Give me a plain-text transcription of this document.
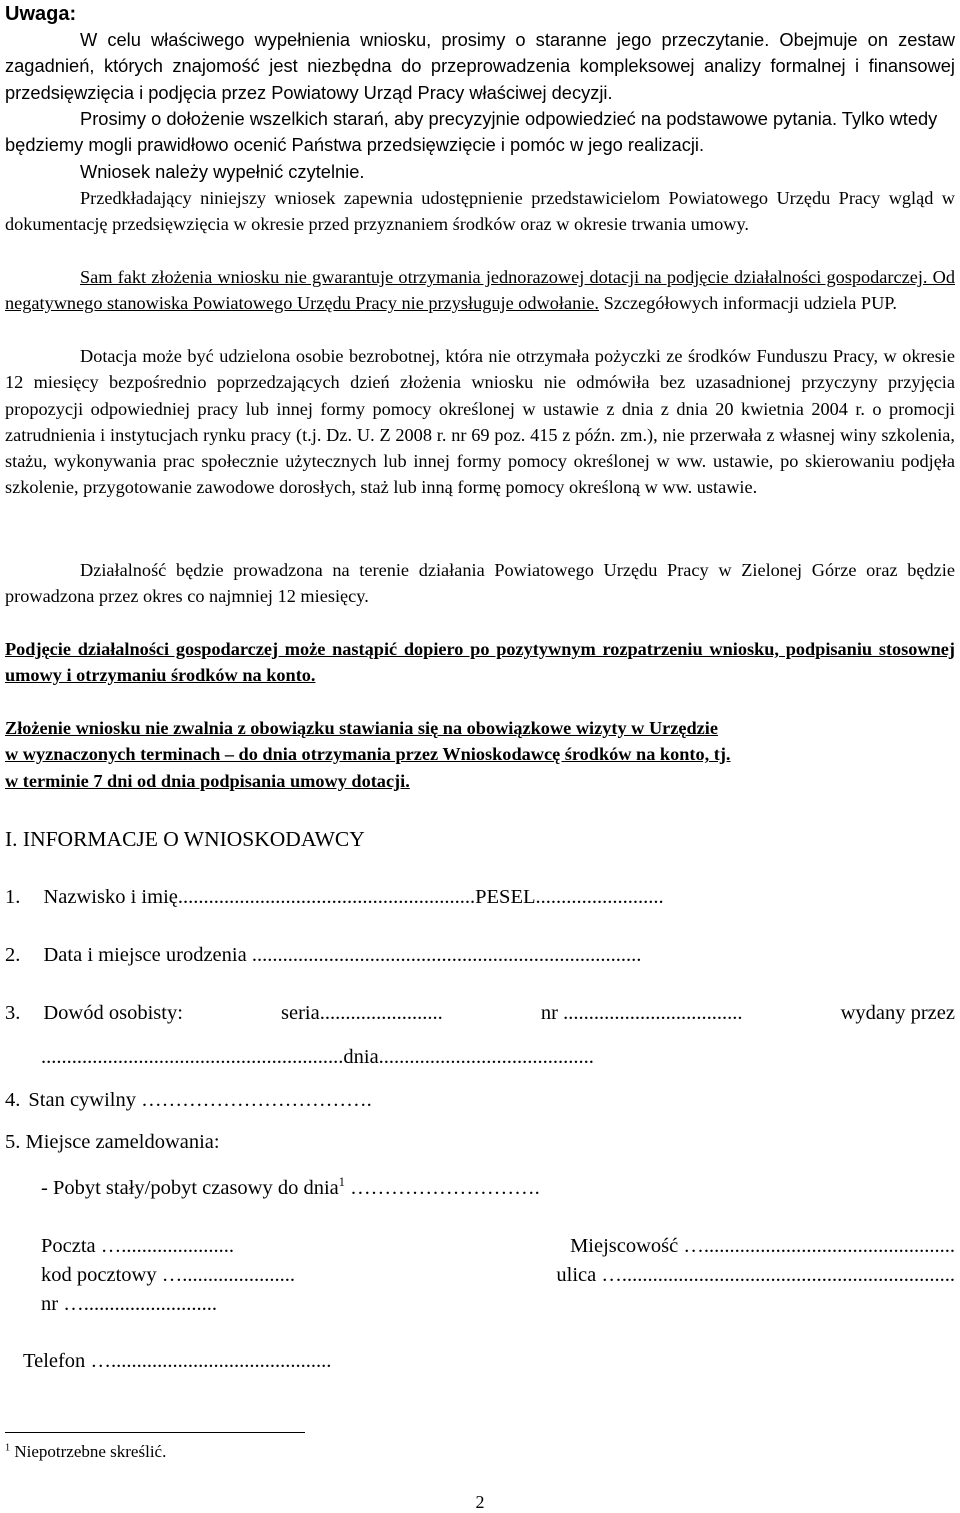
Uwaga:

W celu właściwego wypełnienia wniosku, prosimy o staranne jego przeczytanie. Obejmuje on zestaw zagadnień, których znajomość jest niezbędna do przeprowadzenia kompleksowej analizy formalnej i finansowej przedsięwzięcia i podjęcia przez Powiatowy Urząd Pracy właściwej decyzji.

Prosimy o dołożenie wszelkich starań, aby precyzyjnie odpowiedzieć na podstawowe pytania. Tylko wtedy będziemy mogli prawidłowo ocenić Państwa przedsięwzięcie i pomóc w jego realizacji.

Wniosek należy wypełnić czytelnie.

Przedkładający niniejszy wniosek zapewnia udostępnienie przedstawicielom Powiatowego Urzędu Pracy wgląd w dokumentację przedsięwzięcia w okresie przed przyznaniem środków oraz w okresie trwania umowy.

Sam fakt złożenia wniosku nie gwarantuje otrzymania jednorazowej dotacji na podjęcie działalności gospodarczej. Od negatywnego stanowiska Powiatowego Urzędu Pracy nie przysługuje odwołanie. Szczegółowych informacji udziela PUP.

Dotacja może być udzielona osobie bezrobotnej, która nie otrzymała pożyczki ze środków Funduszu Pracy, w okresie 12 miesięcy bezpośrednio poprzedzających dzień złożenia wniosku nie odmówiła bez uzasadnionej przyczyny przyjęcia propozycji odpowiedniej pracy lub innej formy pomocy określonej w ustawie z dnia z dnia 20 kwietnia 2004 r. o promocji zatrudnienia i instytucjach rynku pracy (t.j. Dz. U. Z 2008 r. nr 69 poz. 415 z późn. zm.), nie przerwała z własnej winy szkolenia, stażu, wykonywania prac społecznie użytecznych lub innej formy pomocy określonej w ww. ustawie, po skierowaniu podjęła szkolenie, przygotowanie zawodowe dorosłych, staż lub inną formę pomocy określoną w ww. ustawie.

Działalność będzie prowadzona na terenie działania Powiatowego Urzędu Pracy w Zielonej Górze oraz będzie prowadzona przez okres co najmniej 12 miesięcy.

Podjęcie działalności gospodarczej może nastąpić dopiero po pozytywnym rozpatrzeniu wniosku, podpisaniu stosownej umowy i otrzymaniu środków na konto.

Złożenie wniosku nie zwalnia z obowiązku stawiania się na obowiązkowe wizyty w Urzędzie
w wyznaczonych terminach – do dnia otrzymania przez Wnioskodawcę środków na konto, tj.
w terminie 7 dni od dnia podpisania umowy dotacji.
I. INFORMACJE O WNIOSKODAWCY
1. Nazwisko i imię..........................................................PESEL.........................
2. Data i miejsce urodzenia ............................................................................
3. Dowód osobisty:	seria........................	nr ...................................	wydany przez
...........................................................dnia..........................................
4. Stan cywilny …………………………….
5. Miejsce zameldowania:
- Pobyt stały/pobyt czasowy do dnia$^1$ ……………………….
Poczta …......................	Miejscowość ….................................................
kod pocztowy …......................	ulica ….................................................................
nr …..........................
Telefon …...........................................
$^1$ Niepotrzebne skreślić.
2
